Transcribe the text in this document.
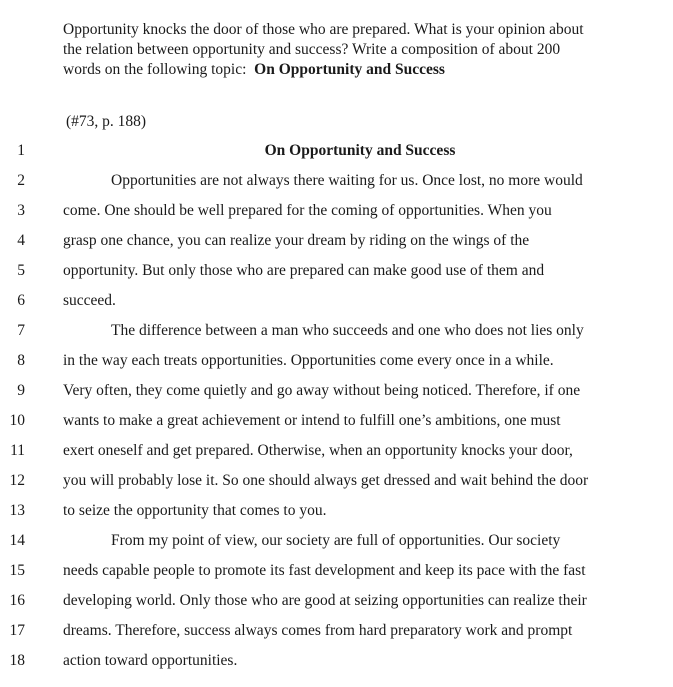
Opportunity knocks the door of those who are prepared. What is your opinion about
the relation between opportunity and success? Write a composition of about 200
words on the following topic:  On Opportunity and Success
(#73, p. 188)
1	On Opportunity and Success
2	Opportunities are not always there waiting for us. Once lost, no more would
3 come. One should be well prepared for the coming of opportunities. When you
4 grasp one chance, you can realize your dream by riding on the wings of the
5 opportunity. But only those who are prepared can make good use of them and
6 succeed.
7	The difference between a man who succeeds and one who does not lies only
8 in the way each treats opportunities. Opportunities come every once in a while.
9 Very often, they come quietly and go away without being noticed. Therefore, if one
10 wants to make a great achievement or intend to fulfill one’s ambitions, one must
11 exert oneself and get prepared. Otherwise, when an opportunity knocks your door,
12 you will probably lose it. So one should always get dressed and wait behind the door
13 to seize the opportunity that comes to you.
14	From my point of view, our society are full of opportunities. Our society
15 needs capable people to promote its fast development and keep its pace with the fast
16 developing world. Only those who are good at seizing opportunities can realize their
17 dreams. Therefore, success always comes from hard preparatory work and prompt
18 action toward opportunities.
